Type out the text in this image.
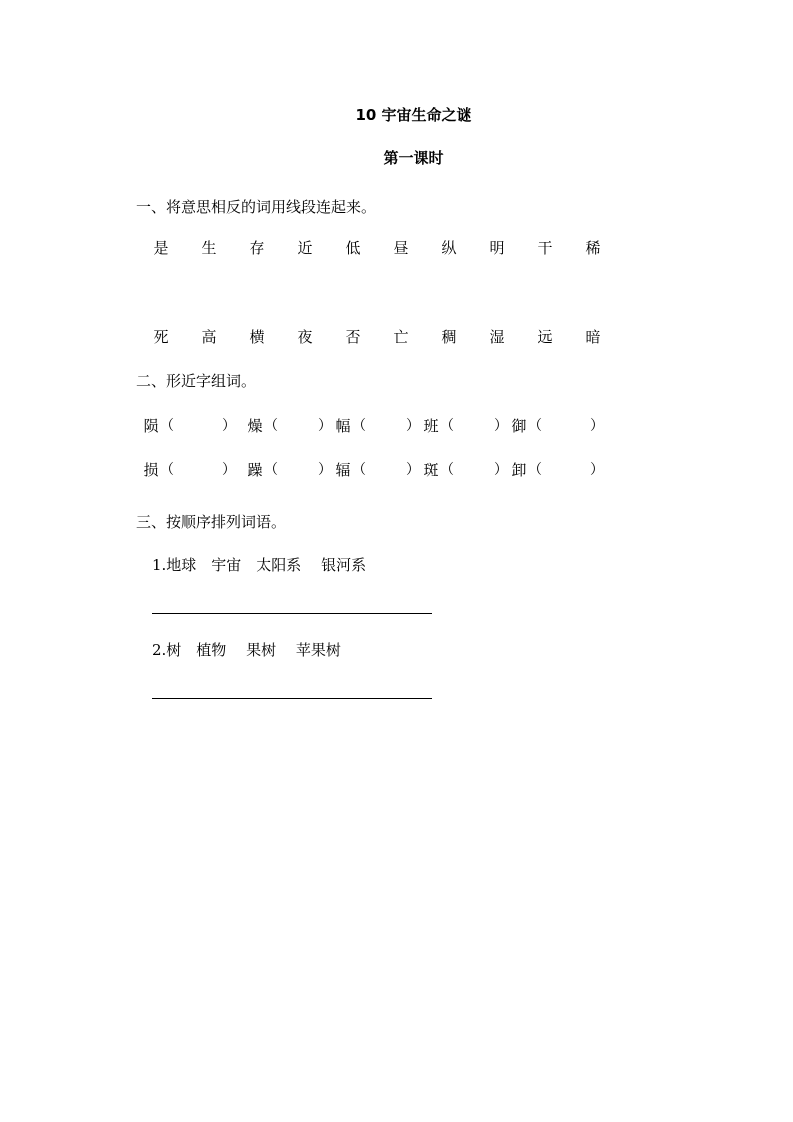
10 宇宙生命之谜
第一课时
一、将意思相反的词用线段连起来。
是 生 存 近 低 昼 纵 明 干 稀
死 高 横 夜 否 亡 稠 湿 远 暗
二、形近字组词。
陨 （	） 燥 （	） 幅 （	） 班 （	） 御 （	）
损 （	） 躁 （	） 辐 （	） 斑 （	） 卸 （	）
三、按顺序排列词语。
1.地球　宇宙　太阳系　 银河系
2.树　植物　 果树　 苹果树
